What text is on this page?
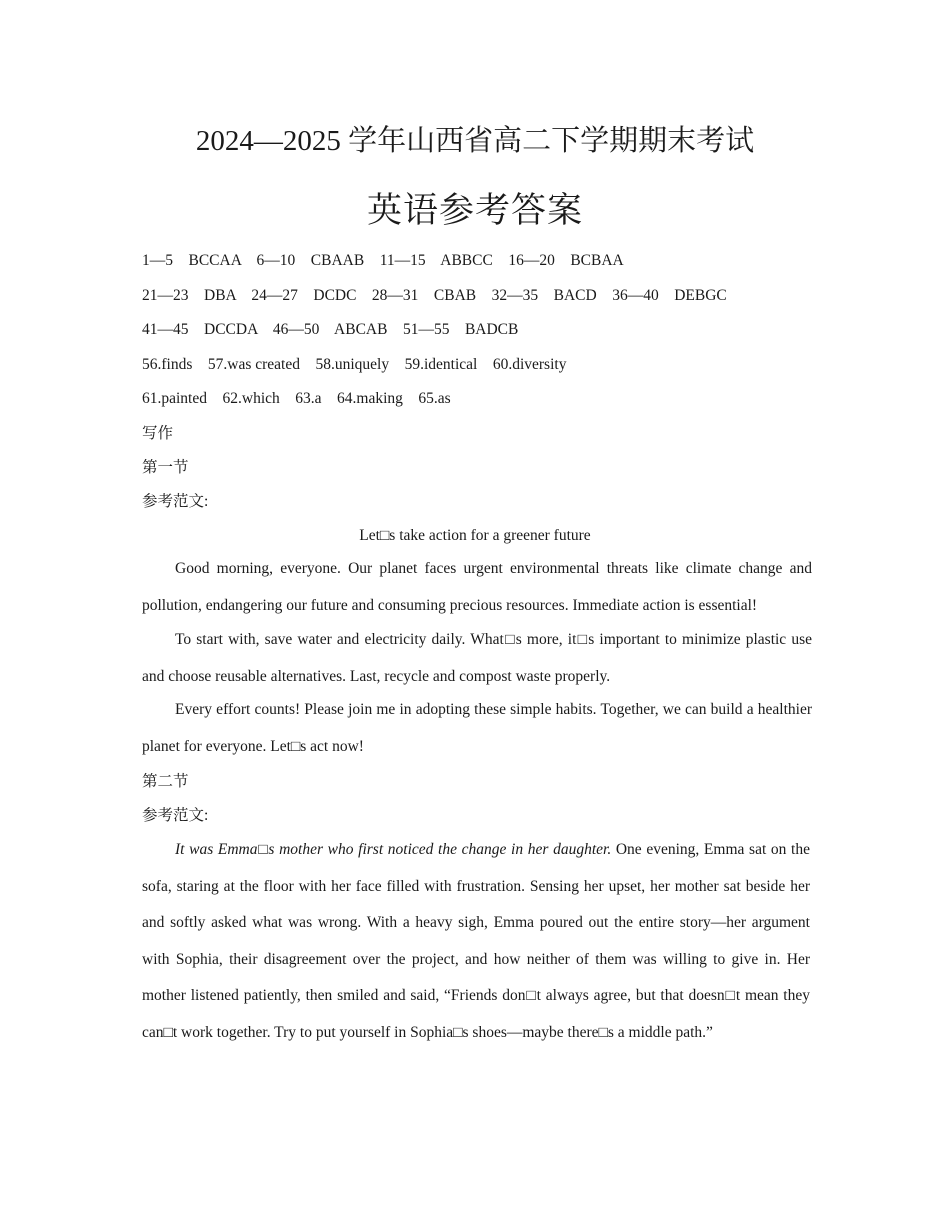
2024—2025 学年山西省高二下学期期末考试
英语参考答案
1—5    BCCAA    6—10    CBAAB    11—15    ABBCC    16—20    BCBAA
21—23    DBA    24—27    DCDC    28—31    CBAB    32—35    BACD    36—40    DEBGC
41—45    DCCDA    46—50    ABCAB    51—55    BADCB
56.finds    57.was created    58.uniquely    59.identical    60.diversity
61.painted    62.which    63.a    64.making    65.as
写作
第一节
参考范文:
Let□s take action for a greener future

Good morning, everyone. Our planet faces urgent environmental threats like climate change and pollution, endangering our future and consuming precious resources. Immediate action is essential!

To start with, save water and electricity daily. What□s more, it□s important to minimize plastic use and choose reusable alternatives. Last, recycle and compost waste properly.

Every effort counts! Please join me in adopting these simple habits. Together, we can build a healthier planet for everyone. Let□s act now!

第二节
参考范文:

It was Emma□s mother who first noticed the change in her daughter. One evening, Emma sat on the sofa, staring at the floor with her face filled with frustration. Sensing her upset, her mother sat beside her and softly asked what was wrong. With a heavy sigh, Emma poured out the entire story—her argument with Sophia, their disagreement over the project, and how neither of them was willing to give in. Her mother listened patiently, then smiled and said, “Friends don□t always agree, but that doesn□t mean they can□t work together. Try to put yourself in Sophia□s shoes—maybe there□s a middle path.”
